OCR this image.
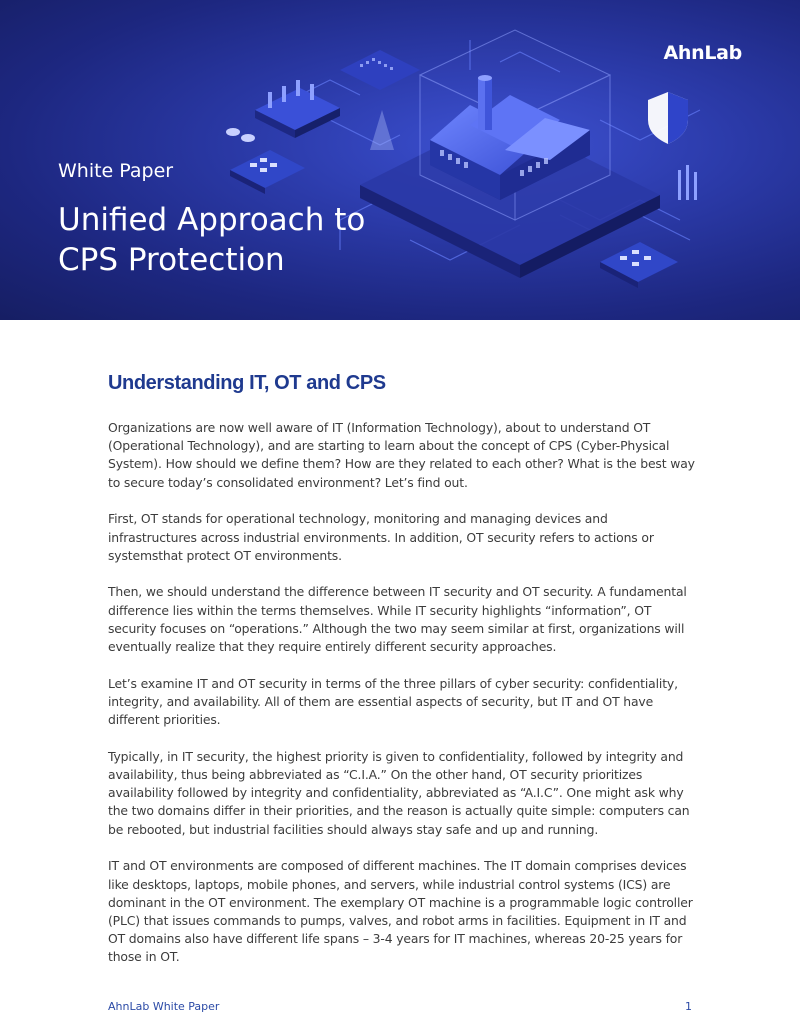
AhnLab
White Paper
Unified Approach to
CPS Protection
Understanding IT, OT and CPS

Organizations are now well aware of IT (Information Technology), about to understand OT (Operational Technology), and are starting to learn about the concept of CPS (Cyber-Physical System). How should we define them? How are they related to each other? What is the best way to secure today’s consolidated environment? Let’s find out.

First, OT stands for operational technology, monitoring and managing devices and infrastructures across industrial environments. In addition, OT security refers to actions or systemsthat protect OT environments.

Then, we should understand the difference between IT security and OT security. A fundamental difference lies within the terms themselves. While IT security highlights “information”, OT security focuses on “operations.” Although the two may seem similar at first, organizations will eventually realize that they require entirely different security approaches.

Let’s examine IT and OT security in terms of the three pillars of cyber security: confidentiality, integrity, and availability. All of them are essential aspects of security, but IT and OT have different priorities.

Typically, in IT security, the highest priority is given to confidentiality, followed by integrity and availability, thus being abbreviated as “C.I.A.” On the other hand, OT security prioritizes availability followed by integrity and confidentiality, abbreviated as “A.I.C”. One might ask why the two domains differ in their priorities, and the reason is actually quite simple: computers can be rebooted, but industrial facilities should always stay safe and up and running.

IT and OT environments are composed of different machines. The IT domain comprises devices like desktops, laptops, mobile phones, and servers, while industrial control systems (ICS) are dominant in the OT environment. The exemplary OT machine is a programmable logic controller (PLC) that issues commands to pumps, valves, and robot arms in facilities. Equipment in IT and OT domains also have different life spans – 3-4 years for IT machines, whereas 20-25 years for those in OT.

AhnLab White Paper	1
